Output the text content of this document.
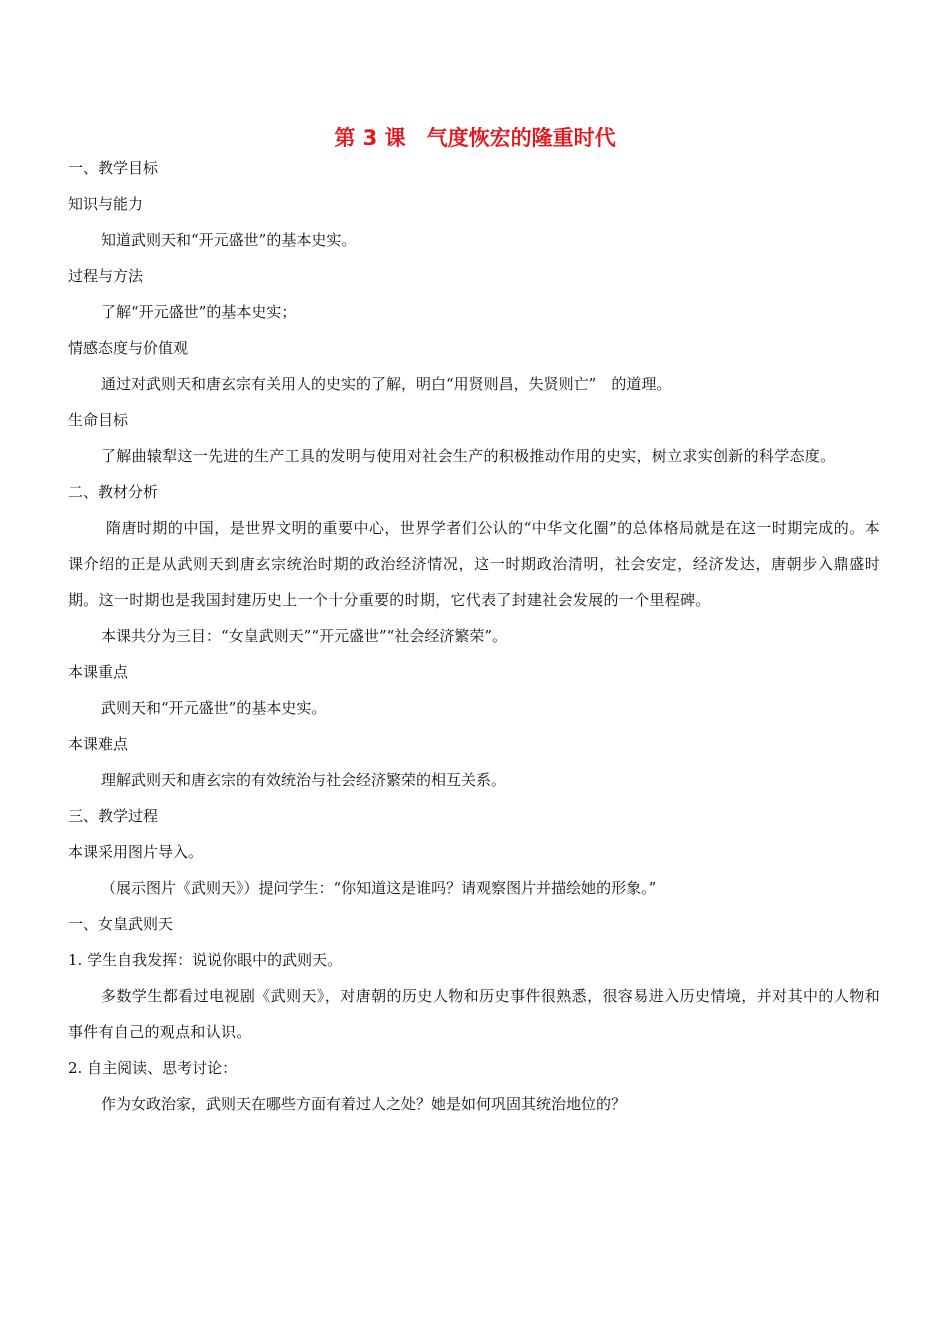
第 3 课　气度恢宏的隆重时代

一、教学目标

知识与能力

知道武则天和“开元盛世”的基本史实。

过程与方法

了解“开元盛世”的基本史实；

情感态度与价值观

通过对武则天和唐玄宗有关用人的史实的了解，明白“用贤则昌，失贤则亡”　的道理。

生命目标

了解曲辕犁这一先进的生产工具的发明与使用对社会生产的积极推动作用的史实，树立求实创新的科学态度。

二、教材分析

隋唐时期的中国，是世界文明的重要中心，世界学者们公认的“中华文化圈”的总体格局就是在这一时期完成的。本课介绍的正是从武则天到唐玄宗统治时期的政治经济情况，这一时期政治清明，社会安定，经济发达，唐朝步入鼎盛时期。这一时期也是我国封建历史上一个十分重要的时期，它代表了封建社会发展的一个里程碑。

本课共分为三目：“女皇武则天”“开元盛世”“社会经济繁荣”。

本课重点

武则天和“开元盛世”的基本史实。

本课难点

理解武则天和唐玄宗的有效统治与社会经济繁荣的相互关系。

三、教学过程

本课采用图片导入。

（展示图片《武则天》）提问学生：“你知道这是谁吗？请观察图片并描绘她的形象。”

一、女皇武则天

1. 学生自我发挥：说说你眼中的武则天。

多数学生都看过电视剧《武则天》，对唐朝的历史人物和历史事件很熟悉，很容易进入历史情境，并对其中的人物和事件有自己的观点和认识。

2. 自主阅读、思考讨论：

作为女政治家，武则天在哪些方面有着过人之处？她是如何巩固其统治地位的？
